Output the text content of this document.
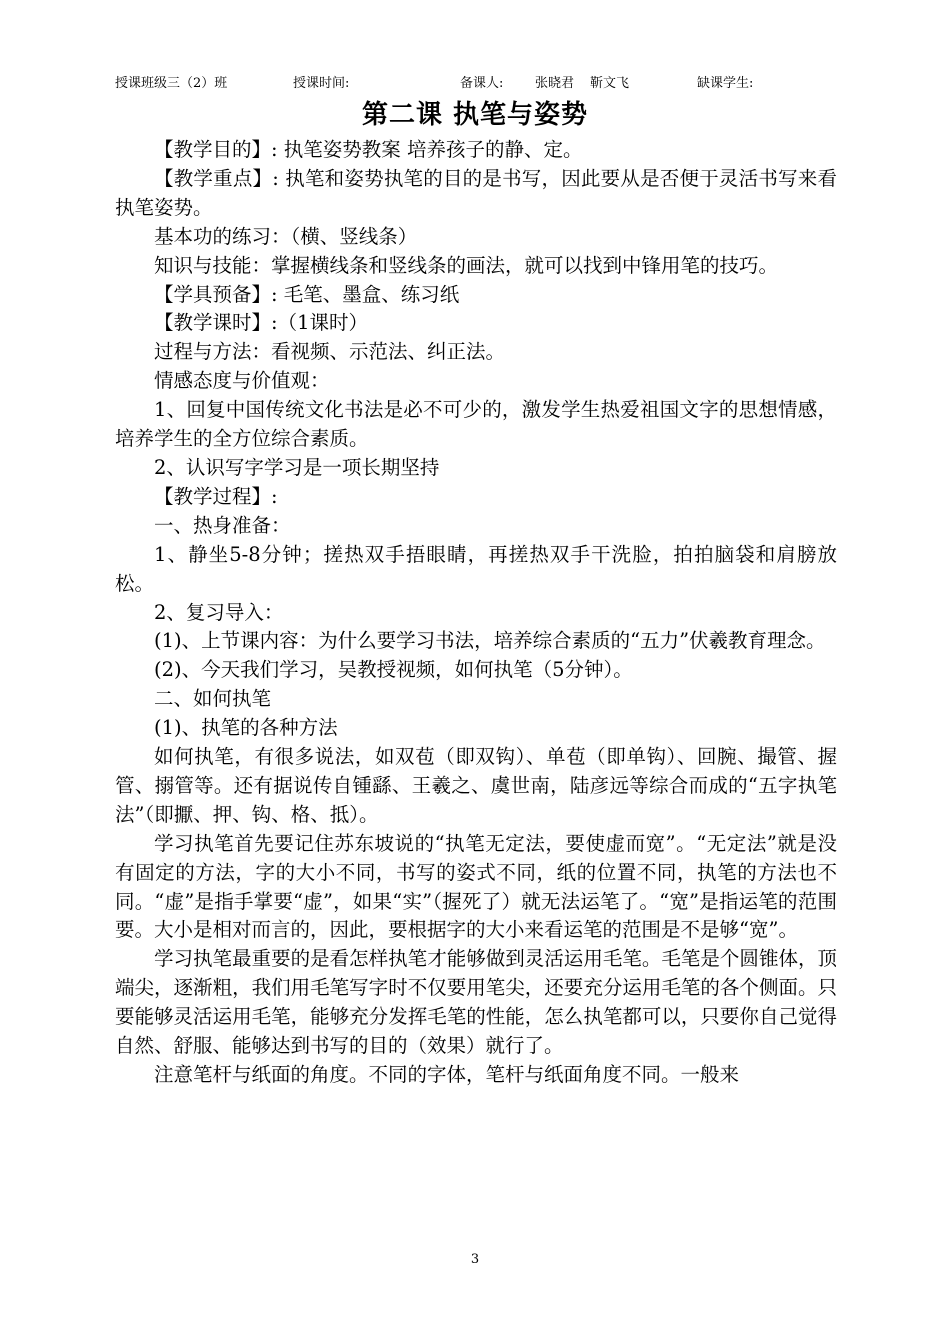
授课班级三（2）班	授课时间:	备课人: 张晓君 靳文飞	缺课学生:
第二课 执笔与姿势

【教学目的】: 执笔姿势教案 培养孩子的静、定。

【教学重点】: 执笔和姿势执笔的目的是书写，因此要从是否便于灵活书写来看执笔姿势。

基本功的练习：（横、竖线条）

知识与技能：掌握横线条和竖线条的画法，就可以找到中锋用笔的技巧。

【学具预备】: 毛笔、墨盒、练习纸

【教学课时】:（1课时）

过程与方法：看视频、示范法、纠正法。

情感态度与价值观：

1、回复中国传统文化书法是必不可少的，激发学生热爱祖国文字的思想情感，培养学生的全方位综合素质。

2、认识写字学习是一项长期坚持

【教学过程】:

一、热身准备：

1、静坐5-8分钟；搓热双手捂眼睛，再搓热双手干洗脸，拍拍脑袋和肩膀放松。

2、复习导入：

(1)、上节课内容：为什么要学习书法，培养综合素质的“五力”伏羲教育理念。

(2)、今天我们学习，吴教授视频，如何执笔（5分钟）。

二、如何执笔

(1)、执笔的各种方法

如何执笔，有很多说法，如双苞（即双钩）、单苞（即单钩）、回腕、撮管、握管、搦管等。还有据说传自锺繇、王羲之、虞世南，陆彦远等综合而成的“五字执笔法”（即擫、押、钩、格、抵）。

学习执笔首先要记住苏东坡说的“执笔无定法，要使虚而宽”。“无定法”就是没有固定的方法，字的大小不同，书写的姿式不同，纸的位置不同，执笔的方法也不同。“虚”是指手掌要“虚”，如果“实”（握死了）就无法运笔了。“宽”是指运笔的范围要。大小是相对而言的，因此，要根据字的大小来看运笔的范围是不是够“宽”。

学习执笔最重要的是看怎样执笔才能够做到灵活运用毛笔。毛笔是个圆锥体，顶端尖，逐渐粗，我们用毛笔写字时不仅要用笔尖，还要充分运用毛笔的各个侧面。只要能够灵活运用毛笔，能够充分发挥毛笔的性能，怎么执笔都可以，只要你自己觉得自然、舒服、能够达到书写的目的（效果）就行了。

注意笔杆与纸面的角度。不同的字体，笔杆与纸面角度不同。一般来

3
